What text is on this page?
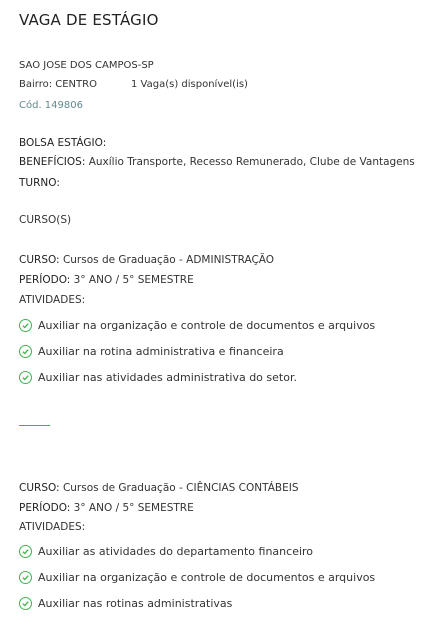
VAGA DE ESTÁGIO
SAO JOSE DOS CAMPOS-SP
Bairro: CENTRO	1 Vaga(s) disponível(is)
Cód. 149806
BOLSA ESTÁGIO:
BENEFÍCIOS: Auxílio Transporte, Recesso Remunerado, Clube de Vantagens
TURNO:
CURSO(S)
CURSO: Cursos de Graduação - ADMINISTRAÇÃO
PERÍODO: 3° ANO / 5° SEMESTRE
ATIVIDADES:
Auxiliar na organização e controle de documentos e arquivos
Auxiliar na rotina administrativa e financeira
Auxiliar nas atividades administrativa do setor.
CURSO: Cursos de Graduação - CIÊNCIAS CONTÁBEIS
PERÍODO: 3° ANO / 5° SEMESTRE
ATIVIDADES:
Auxiliar as atividades do departamento financeiro
Auxiliar na organização e controle de documentos e arquivos
Auxiliar nas rotinas administrativas
